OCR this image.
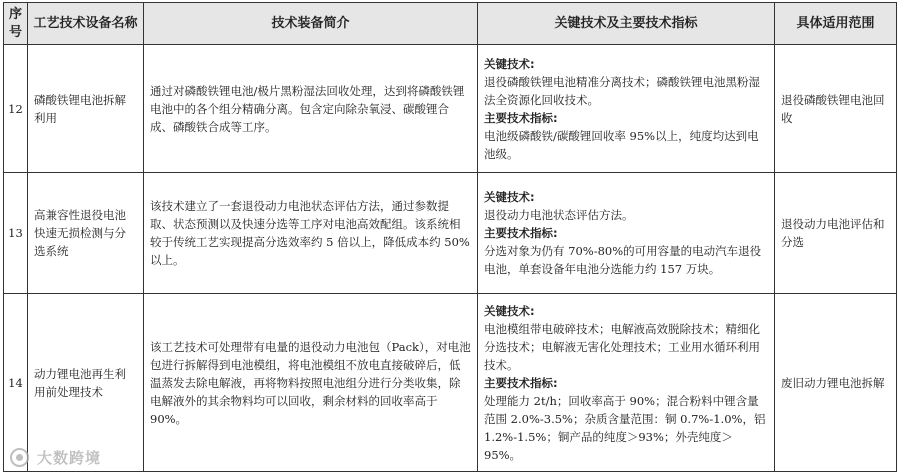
序号	工艺技术设备名称	技术装备简介	关键技术及主要技术指标	具体适用范围
12	磷酸铁锂电池拆解利用	通过对磷酸铁锂电池/极片黑粉湿法回收处理，达到将磷酸铁锂电池中的各个组分精确分离。包含定向除杂氧浸、碳酸锂合成、磷酸铁合成等工序。	关键技术:
退役磷酸铁锂电池精准分离技术；磷酸铁锂电池黑粉湿法全资源化回收技术。
主要技术指标:
电池级磷酸铁/碳酸锂回收率 95%以上，纯度均达到电池级。	退役磷酸铁锂电池回收
13	高兼容性退役电池快速无损检测与分选系统	该技术建立了一套退役动力电池状态评估方法，通过参数提取、状态预测以及快速分选等工序对电池高效配组。该系统相较于传统工艺实现提高分选效率约 5 倍以上，降低成本约 50%以上。	关键技术:
退役动力电池状态评估方法。
主要技术指标:
分选对象为仍有 70%-80%的可用容量的电动汽车退役电池，单套设备年电池分选能力约 157 万块。	退役动力电池评估和分选
14	动力锂电池再生利用前处理技术	该工艺技术可处理带有电量的退役动力电池包（Pack），对电池包进行拆解得到电池模组，将电池模组不放电直接破碎后，低温蒸发去除电解液，再将物料按照电池组分进行分类收集，除电解液外的其余物料均可以回收，剩余材料的回收率高于 90%。	关键技术:
电池模组带电破碎技术；电解液高效脱除技术；精细化分选技术；电解液无害化处理技术；工业用水循环利用技术。
主要技术指标:
处理能力 2t/h；回收率高于 90%；混合粉料中锂含量范围 2.0%-3.5%；杂质含量范围：铜 0.7%-1.0%，铝 1.2%-1.5%；铜产品的纯度＞93%；外壳纯度＞95%。	废旧动力锂电池拆解
大数跨境
